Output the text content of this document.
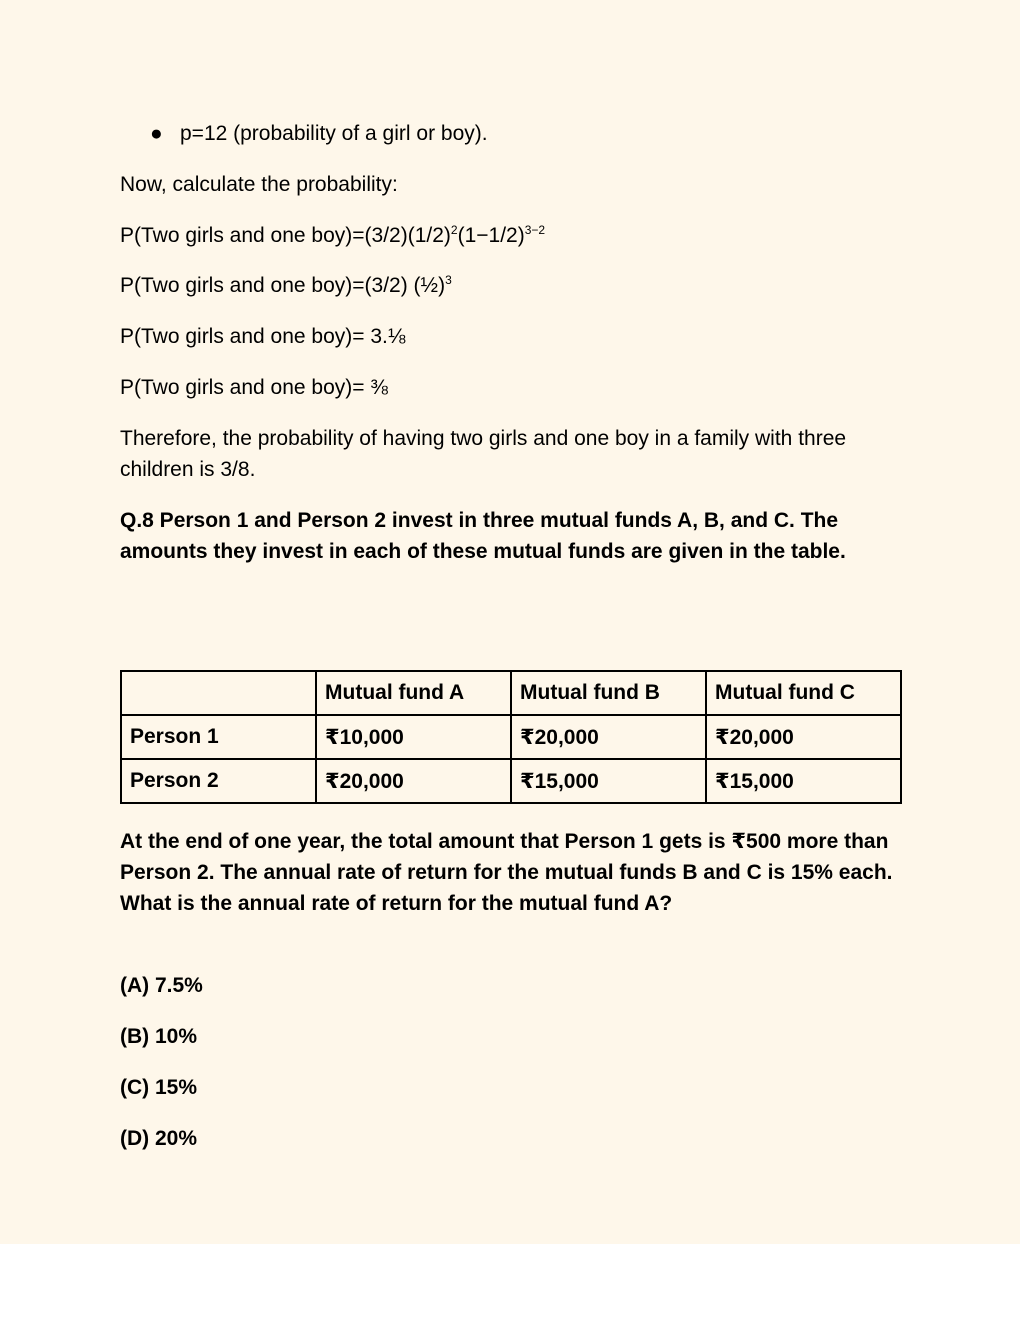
● p=12 (probability of a girl or boy).
Now, calculate the probability:
P(Two girls and one $boy)=(3/2)(1/2)^2(1-1/2)^{3-2}$
P(Two girls and one boy)=(3/2) (½)$^3$
P(Two girls and one boy)= 3.⅛
P(Two girls and one boy)= ⅜
Therefore, the probability of having two girls and one boy in a family with three children is 3/8.
Q.8 Person 1 and Person 2 invest in three mutual funds A, B, and C. The amounts they invest in each of these mutual funds are given in the table.
	Mutual fund A	Mutual fund B	Mutual fund C
Person 1	₹10,000	₹20,000	₹20,000
Person 2	₹20,000	₹15,000	₹15,000
At the end of one year, the total amount that Person 1 gets is ₹500 more than Person 2. The annual rate of return for the mutual funds B and C is 15% each. What is the annual rate of return for the mutual fund A?
(A) 7.5%
(B) 10%
(C) 15%
(D) 20%
